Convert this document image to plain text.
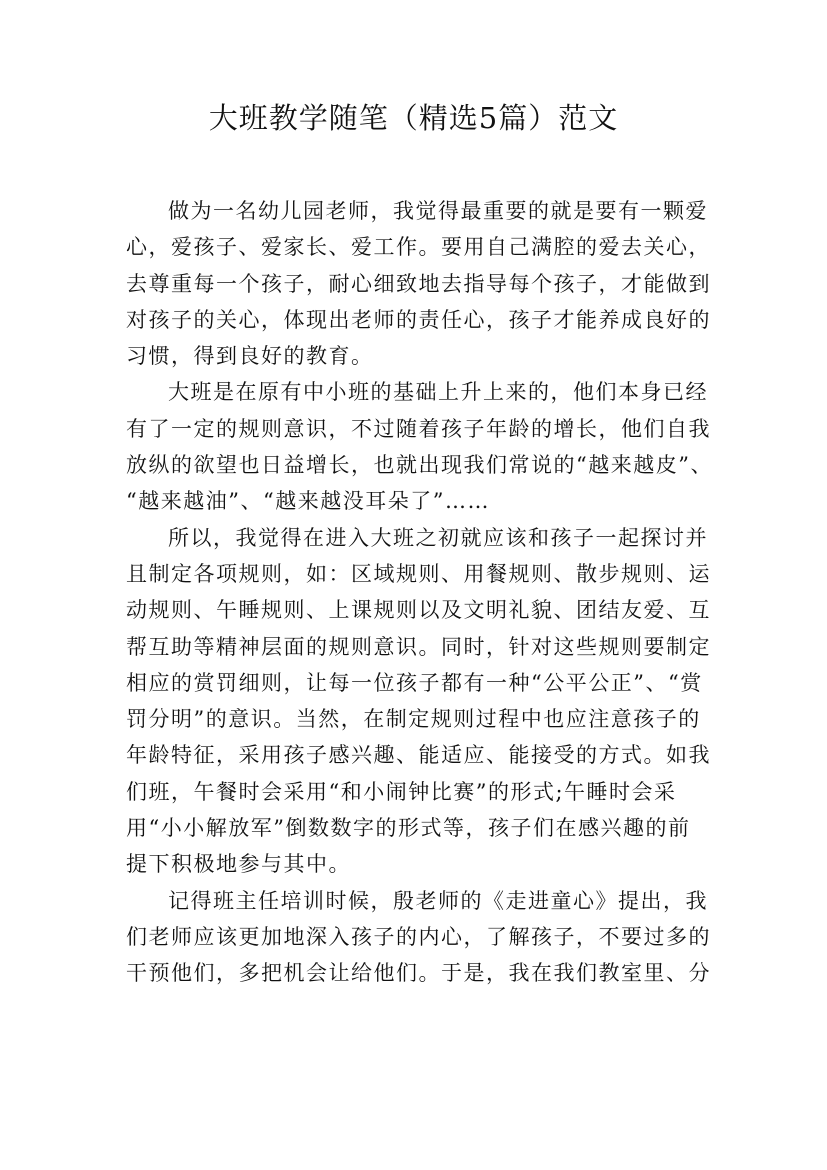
大班教学随笔（精选5篇）范文

做为一名幼儿园老师，我觉得最重要的就是要有一颗爱
心，爱孩子、爱家长、爱工作。要用自己满腔的爱去关心，
去尊重每一个孩子，耐心细致地去指导每个孩子，才能做到
对孩子的关心，体现出老师的责任心，孩子才能养成良好的
习惯，得到良好的教育。

大班是在原有中小班的基础上升上来的，他们本身已经
有了一定的规则意识，不过随着孩子年龄的增长，他们自我
放纵的欲望也日益增长，也就出现我们常说的“越来越皮”、
“越来越油”、“越来越没耳朵了”……

所以，我觉得在进入大班之初就应该和孩子一起探讨并
且制定各项规则，如：区域规则、用餐规则、散步规则、运
动规则、午睡规则、上课规则以及文明礼貌、团结友爱、互
帮互助等精神层面的规则意识。同时，针对这些规则要制定
相应的赏罚细则，让每一位孩子都有一种“公平公正”、“赏
罚分明”的意识。当然，在制定规则过程中也应注意孩子的
年龄特征，采用孩子感兴趣、能适应、能接受的方式。如我
们班，午餐时会采用“和小闹钟比赛”的形式;午睡时会采
用“小小解放军”倒数数字的形式等，孩子们在感兴趣的前
提下积极地参与其中。

记得班主任培训时候，殷老师的《走进童心》提出，我
们老师应该更加地深入孩子的内心，了解孩子，不要过多的
干预他们，多把机会让给他们。于是，我在我们教室里、分
